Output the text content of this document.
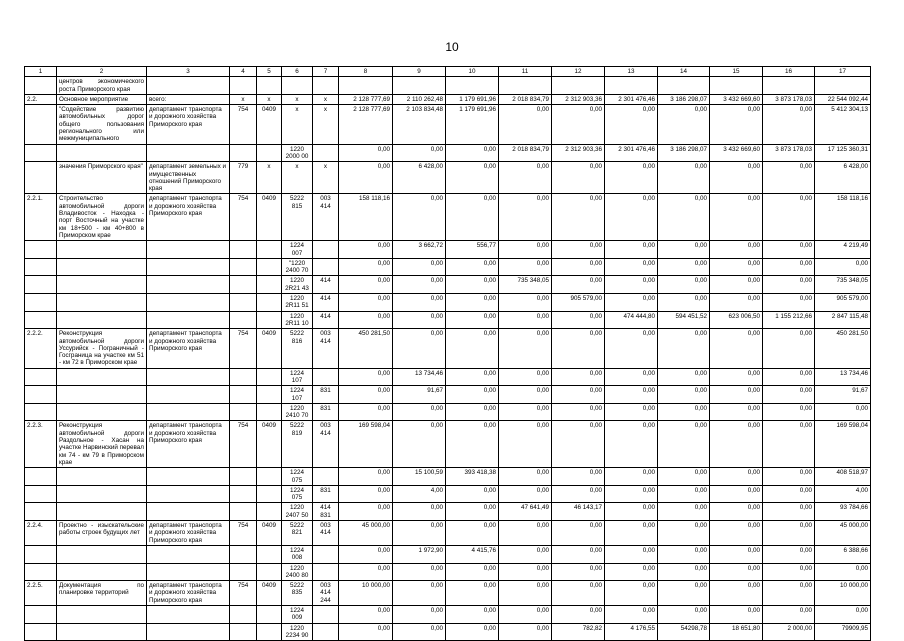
10
1	2	3	4	5	6	7	8	9	10	11	12	13	14	15	16	17
	центров экономического роста Приморского края															
2.2.	Основное мероприятие	всего:	x	x	x	x	2 128 777,69	2 110 262,48	1 179 691,96	2 018 834,79	2 312 903,36	2 301 476,46	3 186 298,07	3 432 669,60	3 873 178,03	22 544 092,44
	"Содействие развитию автомобильных дорог общего пользования регионального или межмуниципального	департамент транспорта и дорожного хозяйства Приморского края	754	0409	x	x	2 128 777,69	2 103 834,48	1 179 691,96	0,00	0,00	0,00	0,00	0,00	0,00	5 412 304,13
					1220 2000 00		0,00	0,00	0,00	2 018 834,79	2 312 903,36	2 301 476,46	3 186 298,07	3 432 669,60	3 873 178,03	17 125 360,31
	значения Приморского края"	департамент земельных и имущественных отношений Приморского края	779	x	x	x	0,00	6 428,00	0,00	0,00	0,00	0,00	0,00	0,00	0,00	6 428,00
2.2.1.	Строительство автомобильной дороги Владивосток - Находка - порт Восточный на участке км 18+500 - км 40+800 в Приморском крае	департамент транспорта и дорожного хозяйства Приморского края	754	0409	5222 815	003 414	158 118,16	0,00	0,00	0,00	0,00	0,00	0,00	0,00	0,00	158 118,16
					1224 007		0,00	3 662,72	556,77	0,00	0,00	0,00	0,00	0,00	0,00	4 219,49
					"1220 2400 70		0,00	0,00	0,00	0,00	0,00	0,00	0,00	0,00	0,00	0,00
					1220 2R21 43	414	0,00	0,00	0,00	735 348,05	0,00	0,00	0,00	0,00	0,00	735 348,05
					1220 2R11 51	414	0,00	0,00	0,00	0,00	905 579,00	0,00	0,00	0,00	0,00	905 579,00
					1220 2R11 10	414	0,00	0,00	0,00	0,00	0,00	474 444,80	594 451,52	623 006,50	1 155 212,66	2 847 115,48
2.2.2.	Реконструкция автомобильной дороги Уссурийск - Пограничный - Госграница на участке км 51 - км 72 в Приморском крае	департамент транспорта и дорожного хозяйства Приморского края	754	0409	5222 816	003 414	450 281,50	0,00	0,00	0,00	0,00	0,00	0,00	0,00	0,00	450 281,50
					1224 107		0,00	13 734,46	0,00	0,00	0,00	0,00	0,00	0,00	0,00	13 734,46
					1224 107	831	0,00	91,67	0,00	0,00	0,00	0,00	0,00	0,00	0,00	91,67
					1220 2410 70	831	0,00	0,00	0,00	0,00	0,00	0,00	0,00	0,00	0,00	0,00
2.2.3.	Реконструкция автомобильной дороги Раздольное - Хасан на участке Нарвинский перевал км 74 - км 79 в Приморском крае	департамент транспорта и дорожного хозяйства Приморского края	754	0409	5222 819	003 414	169 598,04	0,00	0,00	0,00	0,00	0,00	0,00	0,00	0,00	169 598,04
					1224 075		0,00	15 100,59	393 418,38	0,00	0,00	0,00	0,00	0,00	0,00	408 518,97
					1224 075	831	0,00	4,00	0,00	0,00	0,00	0,00	0,00	0,00	0,00	4,00
					1220 2407 50	414 831	0,00	0,00	0,00	47 641,49	46 143,17	0,00	0,00	0,00	0,00	93 784,66
2.2.4.	Проектно - изыскательские работы строек будущих лет	департамент транспорта и дорожного хозяйства Приморского края	754	0409	5222 821	003 414	45 000,00	0,00	0,00	0,00	0,00	0,00	0,00	0,00	0,00	45 000,00
					1224 008		0,00	1 972,90	4 415,76	0,00	0,00	0,00	0,00	0,00	0,00	6 388,66
					1220 2400 80		0,00	0,00	0,00	0,00	0,00	0,00	0,00	0,00	0,00	0,00
2.2.5.	Документация по планировке территорий	департамент транспорта и дорожного хозяйства Приморского края	754	0409	5222 835	003 414 244	10 000,00	0,00	0,00	0,00	0,00	0,00	0,00	0,00	0,00	10 000,00
					1224 009		0,00	0,00	0,00	0,00	0,00	0,00	0,00	0,00	0,00	0,00
					1220 2234 90		0,00	0,00	0,00	0,00	782,82	4 176,55	54298,78	18 651,80	2 000,00	79909,95
